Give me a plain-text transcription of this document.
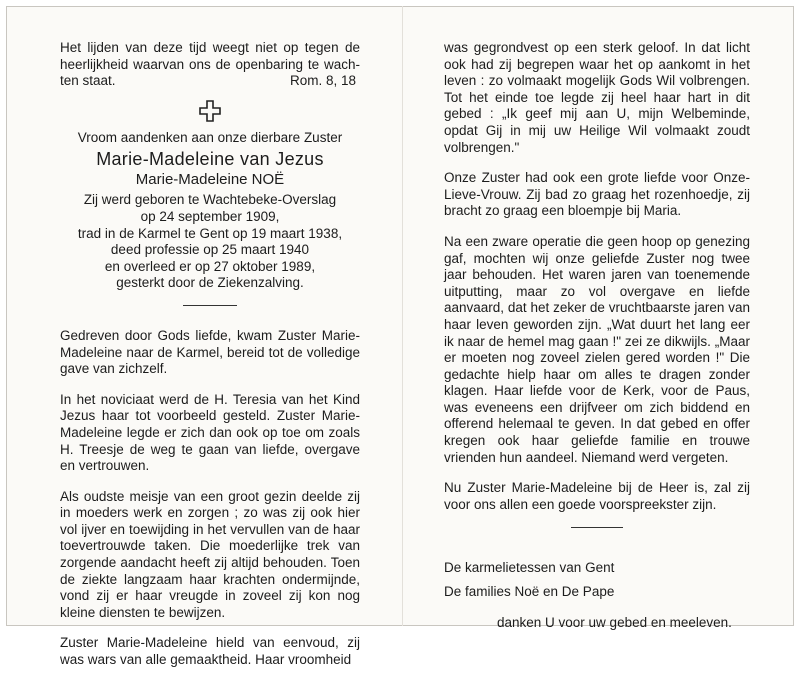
Het lijden van deze tijd weegt niet op tegen de

heerlijkheid waarvan ons de openbaring te wach-

ten staat.	Rom. 8, 18
Vroom aandenken aan onze dierbare Zuster
Marie-Madeleine van Jezus
Marie-Madeleine NOË
Zij werd geboren te Wachtebeke-Overslag
op 24 september 1909,
trad in de Karmel te Gent op 19 maart 1938,
deed professie op 25 maart 1940
en overleed er op 27 oktober 1989,
gesterkt door de Ziekenzalving.

Gedreven door Gods liefde, kwam Zuster Marie-Madeleine naar de Karmel, bereid tot de volledige gave van zichzelf.

In het noviciaat werd de H. Teresia van het Kind Jezus haar tot voorbeeld gesteld. Zuster Marie-Madeleine legde er zich dan ook op toe om zoals H. Treesje de weg te gaan van liefde, overgave en vertrouwen.

Als oudste meisje van een groot gezin deelde zij in moeders werk en zorgen ; zo was zij ook hier vol ijver en toewijding in het vervullen van de haar toevertrouwde taken. Die moederlijke trek van zorgende aandacht heeft zij altijd behouden. Toen de ziekte langzaam haar krachten ondermijnde, vond zij er haar vreugde in zoveel zij kon nog kleine diensten te bewijzen.

Zuster Marie-Madeleine hield van eenvoud, zij was wars van alle gemaaktheid. Haar vroomheid

was gegrondvest op een sterk geloof. In dat licht ook had zij begrepen waar het op aankomt in het leven : zo volmaakt mogelijk Gods Wil volbrengen. Tot het einde toe legde zij heel haar hart in dit gebed : „Ik geef mij aan U, mijn Welbeminde, opdat Gij in mij uw Heilige Wil volmaakt zoudt volbrengen."

Onze Zuster had ook een grote liefde voor Onze-Lieve-Vrouw. Zij bad zo graag het rozenhoedje, zij bracht zo graag een bloempje bij Maria.

Na een zware operatie die geen hoop op genezing gaf, mochten wij onze geliefde Zuster nog twee jaar behouden. Het waren jaren van toenemende uitputting, maar zo vol overgave en liefde aanvaard, dat het zeker de vruchtbaarste jaren van haar leven geworden zijn. „Wat duurt het lang eer ik naar de hemel mag gaan !" zei ze dikwijls. „Maar er moeten nog zoveel zielen gered worden !" Die gedachte hielp haar om alles te dragen zonder klagen. Haar liefde voor de Kerk, voor de Paus, was eveneens een drijfveer om zich biddend en offerend helemaal te geven. In dat gebed en offer kregen ook haar geliefde familie en trouwe vrienden hun aandeel. Niemand werd vergeten.

Nu Zuster Marie-Madeleine bij de Heer is, zal zij voor ons allen een goede voorspreekster zijn.

De karmelietessen van Gent
De families Noë en De Pape
danken U voor uw gebed en meeleven.
